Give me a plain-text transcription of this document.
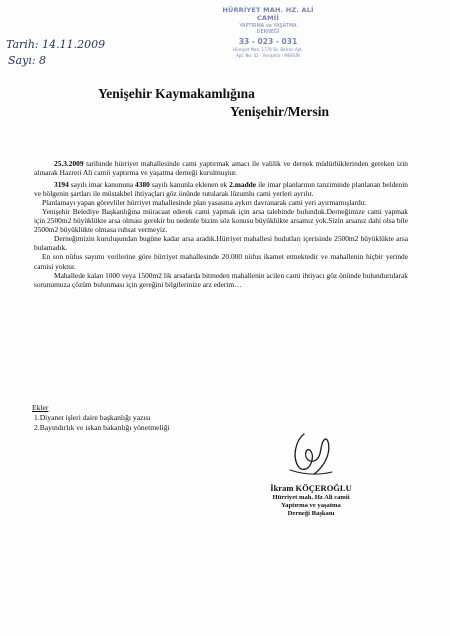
Tarih: 14.11.2009
Sayı: 8
HÜRRİYET MAH. HZ. ALİ CAMİİ
YAPTIRMA ve YAŞATMA
DERNEĞİ
33 - 023 - 031
Hürriyet Mah. 1778 Sk. Balcalı Apt.
Apt. No: 32 - Yenişehir / MERSİN
Yenişehir Kaymakamlığına
Yenişehir/Mersin

25.3.2009 tarihinde hürriyet mahallesinde cami yaptırmak amacı ile valilik ve dernek müdürlüklerinden gereken izin alınarak Hazreti Ali camii yaptırma ve yaşatma derneği kurulmuştur.

3194 sayılı imar kanununa 4380 sayılı kanunla eklenen ek 2.madde ile imar planlarının tanziminde planlanan beldenin ve bölgenin şartları ile müstakbel ihtiyaçları göz önünde tutularak lüzumlu cami yerleri ayrılır.

Planlamayı yapan görevliler hürriyet mahallesinde plan yasasına aykırı davranarak cami yeri ayırmamışlardır.

Yenişehir Belediye Başkanlığına müracaat ederek cami yapmak için arsa talebinde bulunduk.Derneğimize cami yapmak için 2500m2 büyüklükte arsa olması gerekir bu nedenle bizim söz konusu büyüklükte arsamız yok.Sizin arsanız dahi olsa bile 2500m2 büyüklükte olmasa ruhsat vermeyiz.

Derneğimizin kuruluşundan bugüne kadar arsa aradık.Hürriyet mahallesi hudutları içerisinde 2500m2 büyüklükte arsa bulamadık.

En son nüfus sayımı verilerine göre hürriyet mahallesinde 20.000 nüfus ikamet etmektedir ve mahallenin hiçbir yerinde camisi yoktur.

Mahallede kalan 1000 veya 1500m2 lik arsalarda bitmeden mahallenin acilen cami ihtiyacı göz önünde bulundurularak sorunumuza çözüm bulunması için gereğini bilgilerinize arz ederim…

Ekler
1.Diyanet işleri daire başkanlığı yazısı
2.Bayındırlık ve iskan bakanlığı yönetmeliği
İkram KÖÇEROĞLU
Hürriyet mah. Hz Ali camii
Yaptırma ve yaşatma
Derneği Başkanı
